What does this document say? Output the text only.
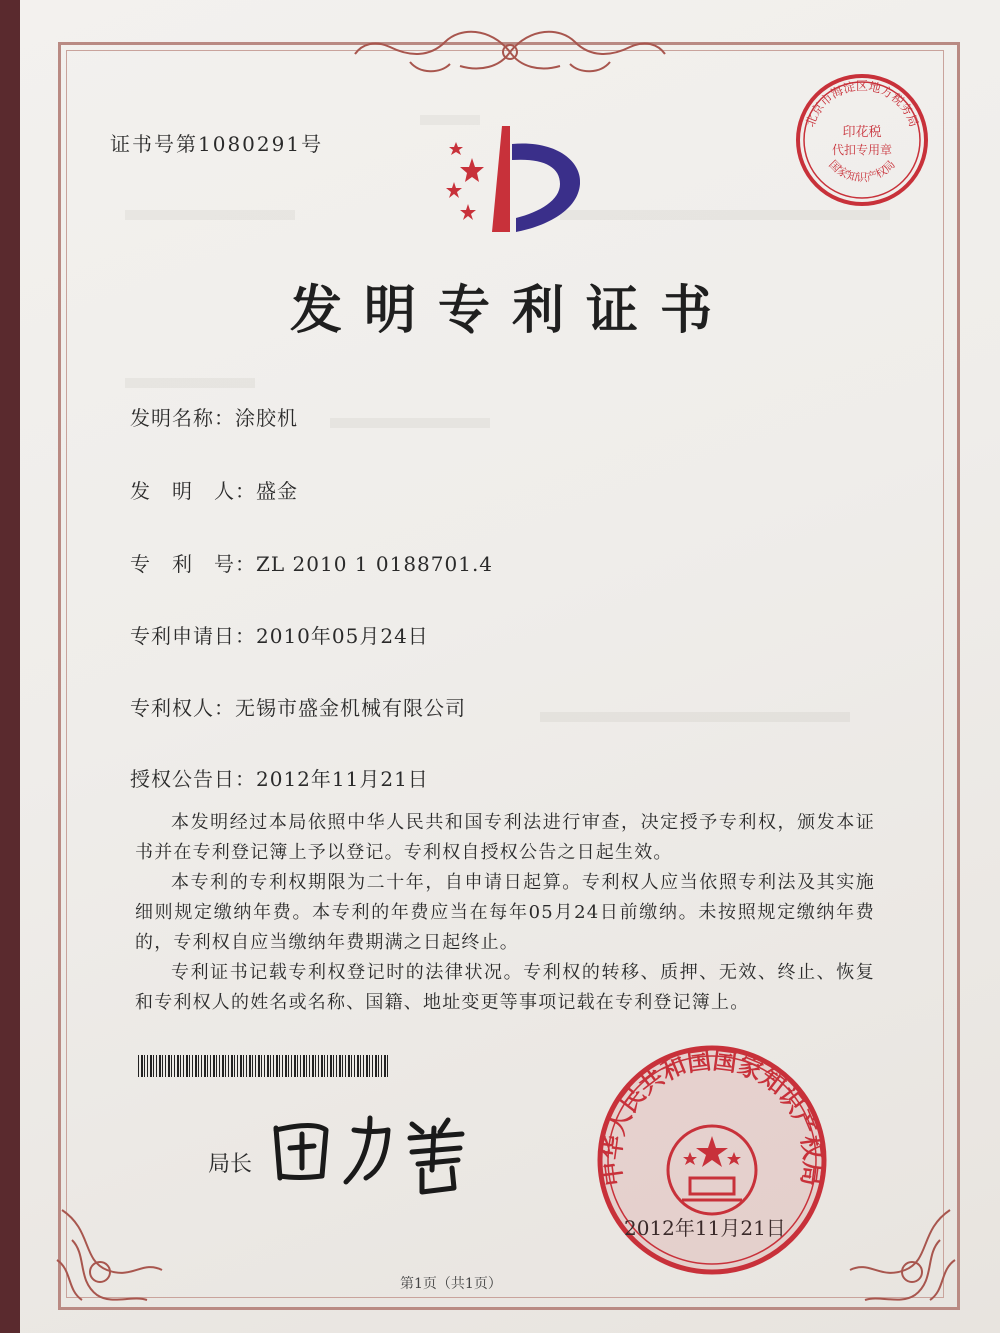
证书号第1080291号
北京市海淀区地方税务局
国家知识产权局
印花税
代扣专用章
发明专利证书
发明名称：涂胶机
发　明　人：盛金
专　利　号：ZL 2010 1 0188701.4
专利申请日：2010年05月24日
专利权人：无锡市盛金机械有限公司
授权公告日：2012年11月21日

本发明经过本局依照中华人民共和国专利法进行审查，决定授予专利权，颁发本证书并在专利登记簿上予以登记。专利权自授权公告之日起生效。

本专利的专利权期限为二十年，自申请日起算。专利权人应当依照专利法及其实施细则规定缴纳年费。本专利的年费应当在每年05月24日前缴纳。未按照规定缴纳年费的，专利权自应当缴纳年费期满之日起终止。

专利证书记载专利权登记时的法律状况。专利权的转移、质押、无效、终止、恢复和专利权人的姓名或名称、国籍、地址变更等事项记载在专利登记簿上。

局长	中华人民共和国国家知识产权局
2012年11月21日
第1页（共1页）
